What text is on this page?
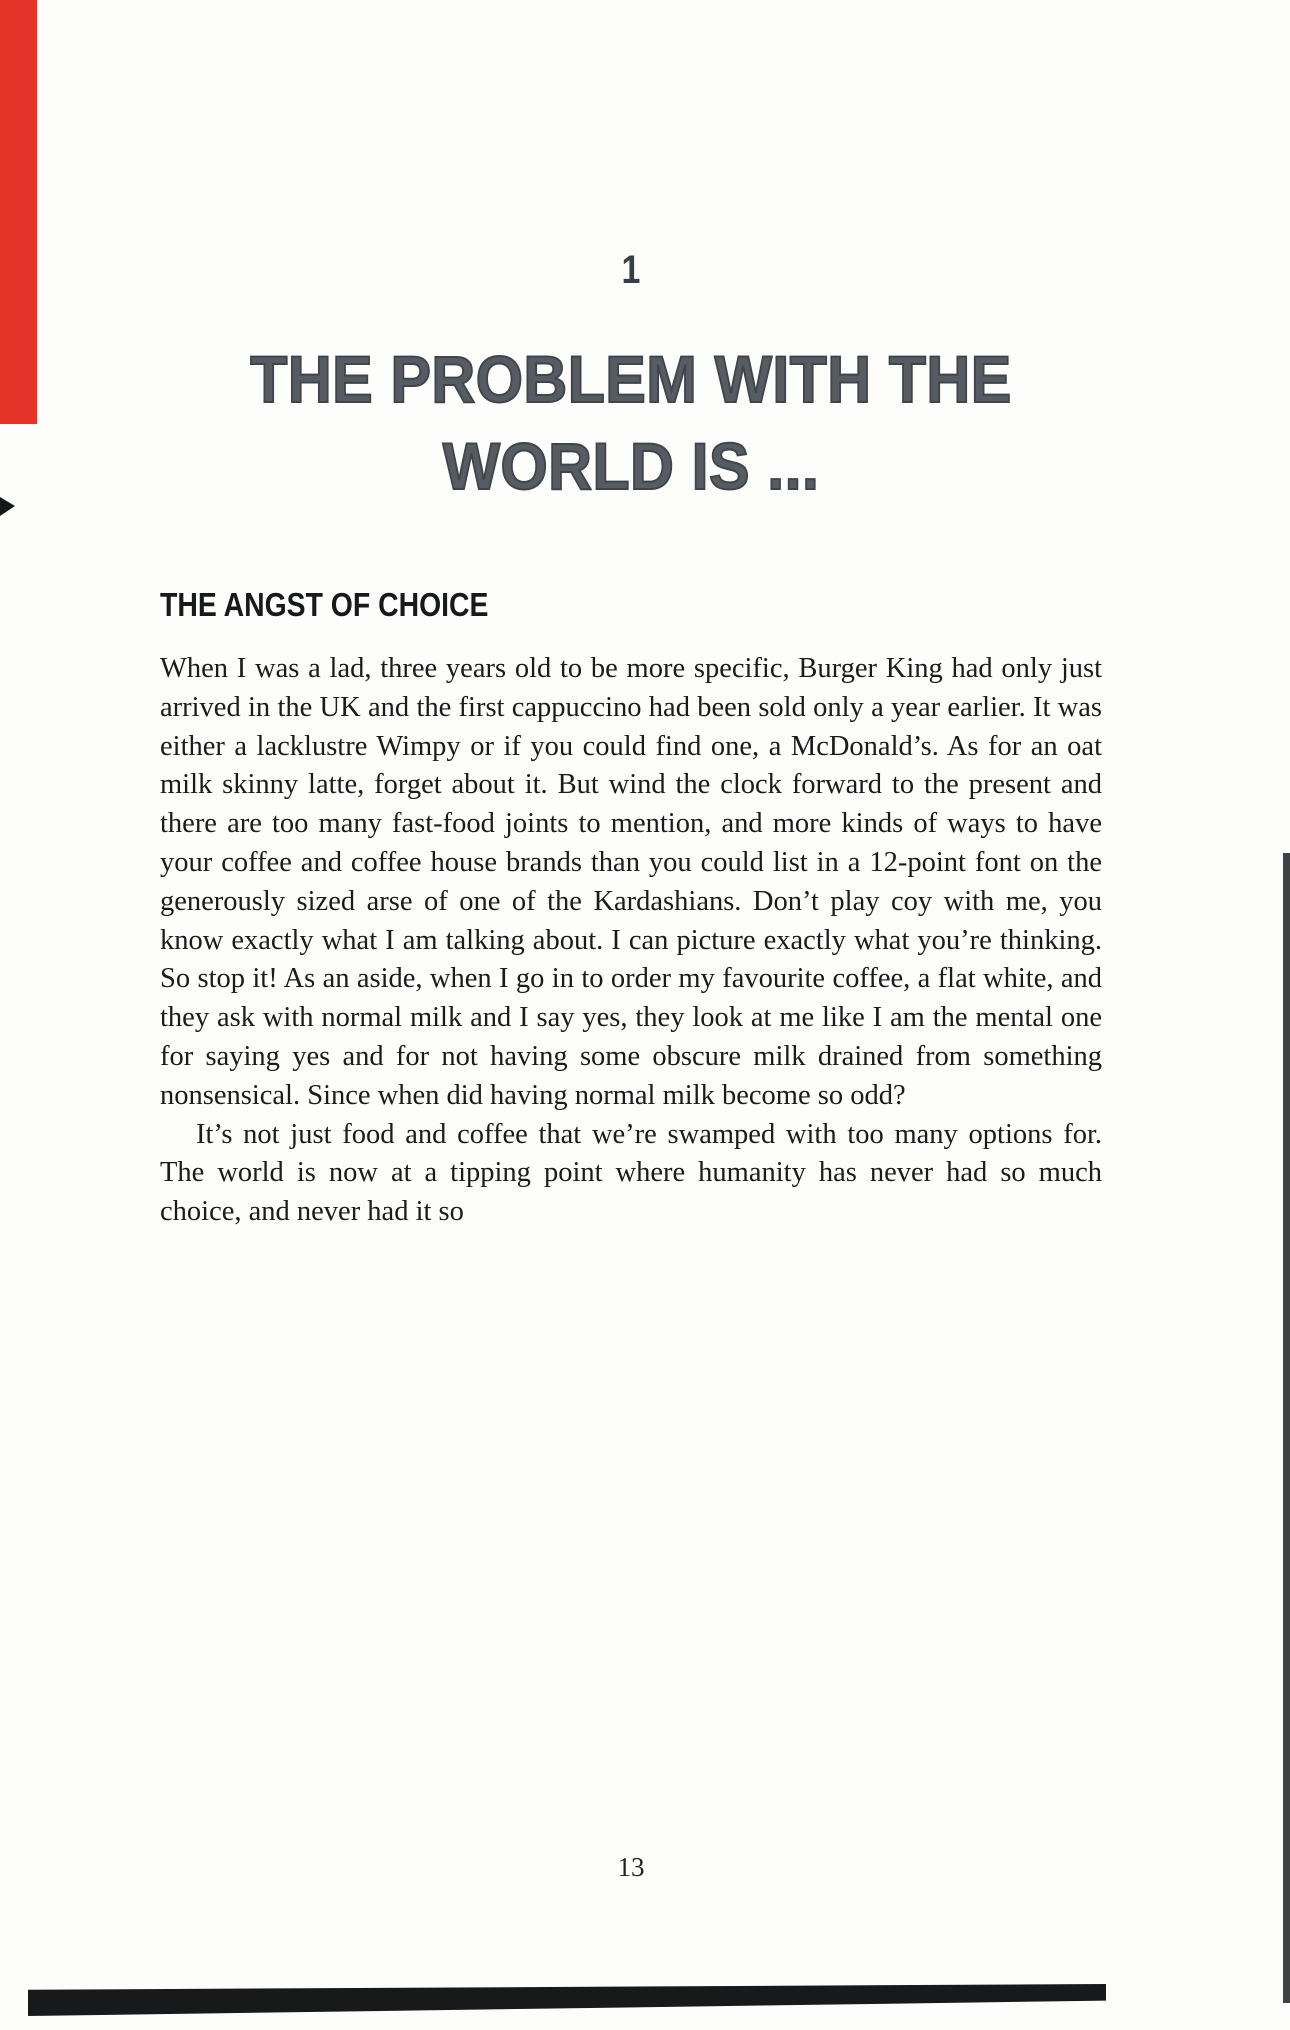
1
THE PROBLEM WITH THE
WORLD IS ...
THE ANGST OF CHOICE

When I was a lad, three years old to be more specific, Burger King had only just arrived in the UK and the first cappuccino had been sold only a year earlier. It was either a lacklustre Wimpy or if you could find one, a McDonald’s. As for an oat milk skinny latte, forget about it. But wind the clock forward to the present and there are too many fast-food joints to mention, and more kinds of ways to have your coffee and coffee house brands than you could list in a 12-point font on the generously sized arse of one of the Kardashians. Don’t play coy with me, you know exactly what I am talking about. I can picture exactly what you’re thinking. So stop it! As an aside, when I go in to order my favourite coffee, a flat white, and they ask with normal milk and I say yes, they look at me like I am the mental one for saying yes and for not having some obscure milk drained from something nonsensical. Since when did having normal milk become so odd?

It’s not just food and coffee that we’re swamped with too many options for. The world is now at a tipping point where humanity has never had so much choice, and never had it so

13
